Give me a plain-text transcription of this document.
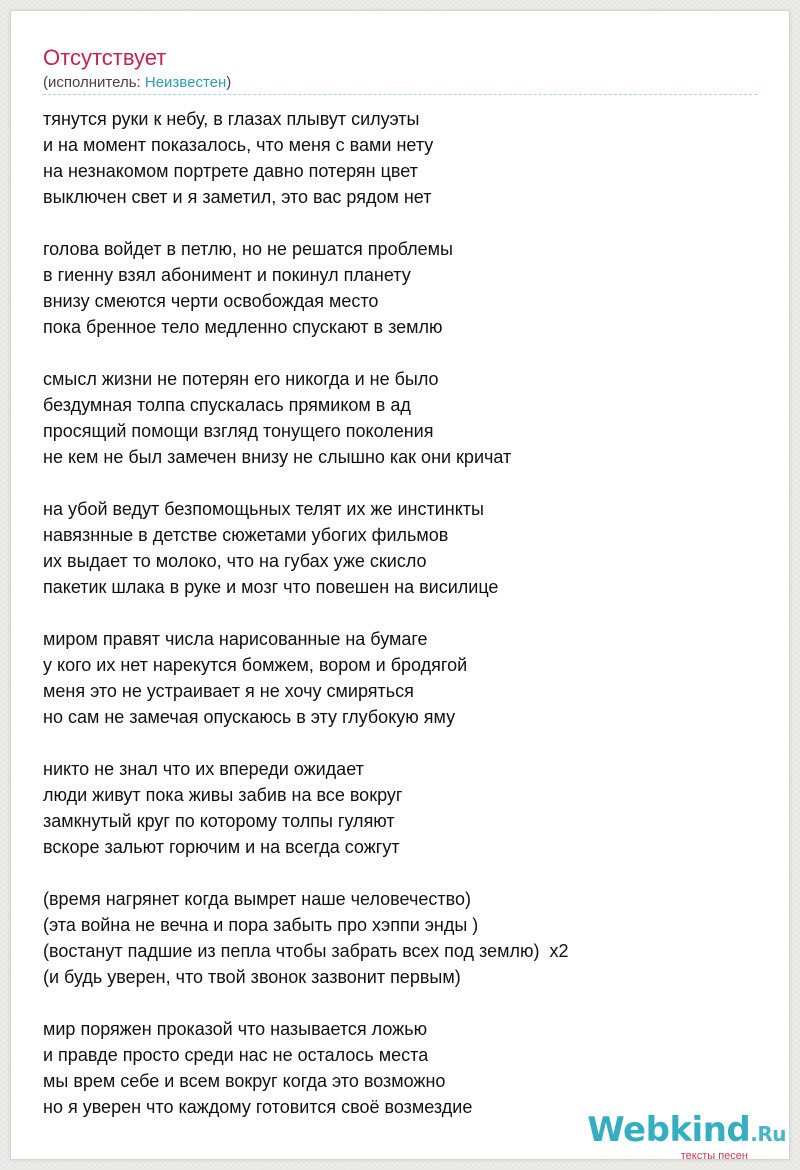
Отсутствует
(исполнитель: Неизвестен)
тянутся руки к небу, в глазах плывут силуэты
и на момент показалось, что меня с вами нету
на незнакомом портрете давно потерян цвет
выключен свет и я заметил, это вас рядом нет
голова войдет в петлю, но не решатся проблемы
в гиенну взял абонимент и покинул планету
внизу смеются черти освобождая место
пока бренное тело медленно спускают в землю
смысл жизни не потерян его никогда и не было
бездумная толпа спускалась прямиком в ад
просящий помощи взгляд тонущего поколения
не кем не был замечен внизу не слышно как они кричат
на убой ведут безпомощьных телят их же инстинкты
навязнные в детстве сюжетами убогих фильмов
их выдает то молоко, что на губах уже скисло
пакетик шлака в руке и мозг что повешен на висилице
миром правят числа нарисованные на бумаге
у кого их нет нарекутся бомжем, вором и бродягой
меня это не устраивает я не хочу смиряться
но сам не замечая опускаюсь в эту глубокую яму
никто не знал что их впереди ожидает
люди живут пока живы забив на все вокруг
замкнутый круг по которому толпы гуляют
вскоре зальют горючим и на всегда сожгут
(время нагрянет когда вымрет наше человечество)
(эта война не вечна и пора забыть про хэппи энды )
(востанут падшие из пепла чтобы забрать всех под землю)  x2
(и будь уверен, что твой звонок зазвонит первым)
мир поряжен проказой что называется ложью
и правде просто среди нас не осталось места
мы врем себе и всем вокруг когда это возможно
но я уверен что каждому готовится своё возмездие
Webkind.Ru
тексты песен
